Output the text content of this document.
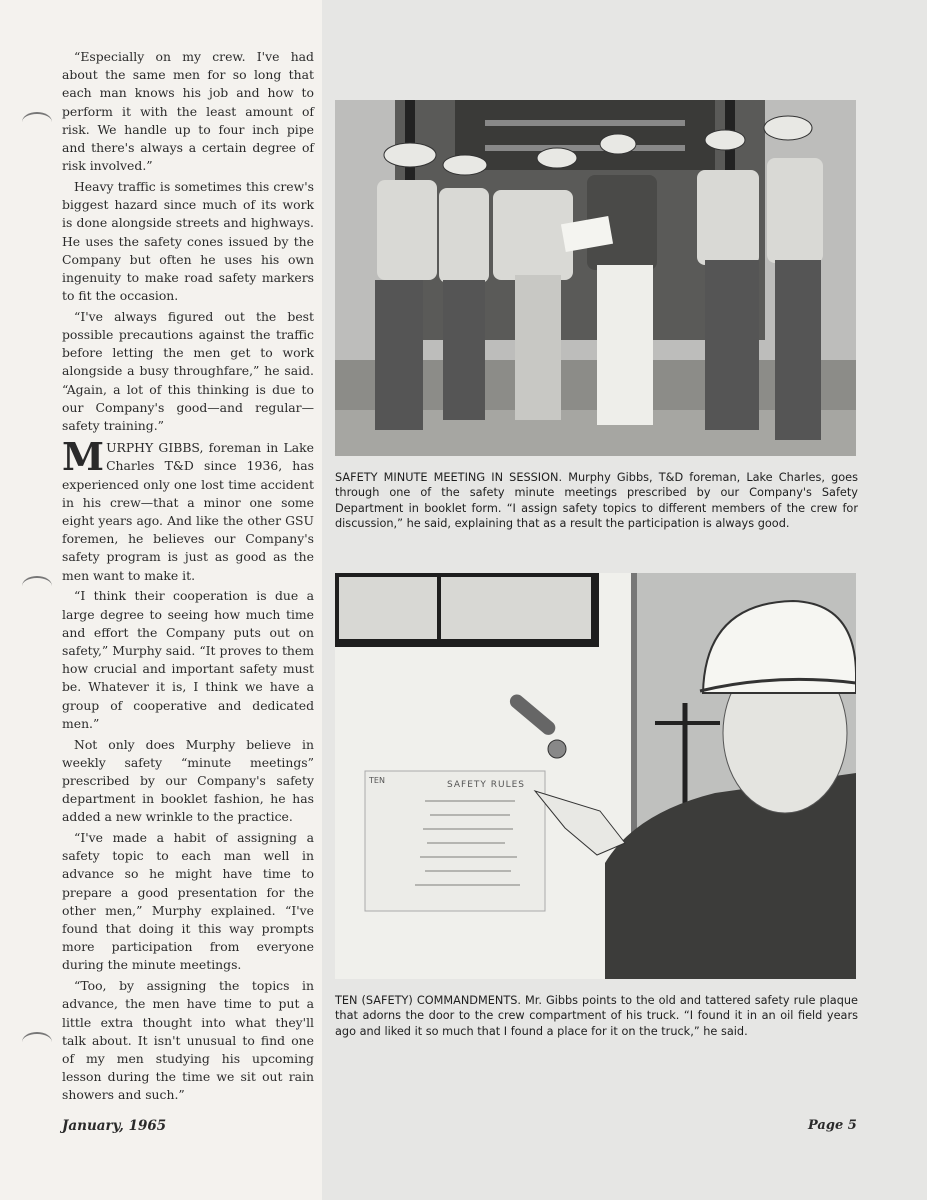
“Especially on my crew. I've had about the same men for so long that each man knows his job and how to perform it with the least amount of risk. We handle up to four inch pipe and there's always a certain degree of risk involved.”

Heavy traffic is sometimes this crew's biggest hazard since much of its work is done alongside streets and highways. He uses the safety cones issued by the Company but often he uses his own ingenuity to make road safety markers to fit the occasion.

“I've always figured out the best possible precautions against the traffic before letting the men get to work alongside a busy throughfare,” he said. “Again, a lot of this thinking is due to our Company's good—and regular—safety training.”

MURPHY GIBBS, foreman in Lake Charles T&D since 1936, has experienced only one lost time accident in his crew—that a minor one some eight years ago. And like the other GSU foremen, he believes our Company's safety program is just as good as the men want to make it.

“I think their cooperation is due a large degree to seeing how much time and effort the Company puts out on safety,” Murphy said. “It proves to them how crucial and important safety must be. Whatever it is, I think we have a group of cooperative and dedicated men.”

Not only does Murphy believe in weekly safety “minute meetings” prescribed by our Company's safety department in booklet fashion, he has added a new wrinkle to the practice.

“I've made a habit of assigning a safety topic to each man well in advance so he might have time to prepare a good presentation for the other men,” Murphy explained. “I've found that doing it this way prompts more participation from everyone during the minute meetings.

“Too, by assigning the topics in advance, the men have time to put a little extra thought into what they'll talk about. It isn't unusual to find one of my men studying his upcoming lesson during the time we sit out rain showers and such.”

SAFETY MINUTE MEETING IN SESSION. Murphy Gibbs, T&D foreman, Lake Charles, goes through one of the safety minute meetings prescribed by our Company's Safety Department in booklet form. “I assign safety topics to different members of the crew for discussion,” he said, explaining that as a result the participation is always good.
TEN	SAFETY RULES
TEN (SAFETY) COMMANDMENTS. Mr. Gibbs points to the old and tattered safety rule plaque that adorns the door to the crew compartment of his truck. “I found it in an oil field years ago and liked it so much that I found a place for it on the truck,” he said.
January, 1965	Page 5
